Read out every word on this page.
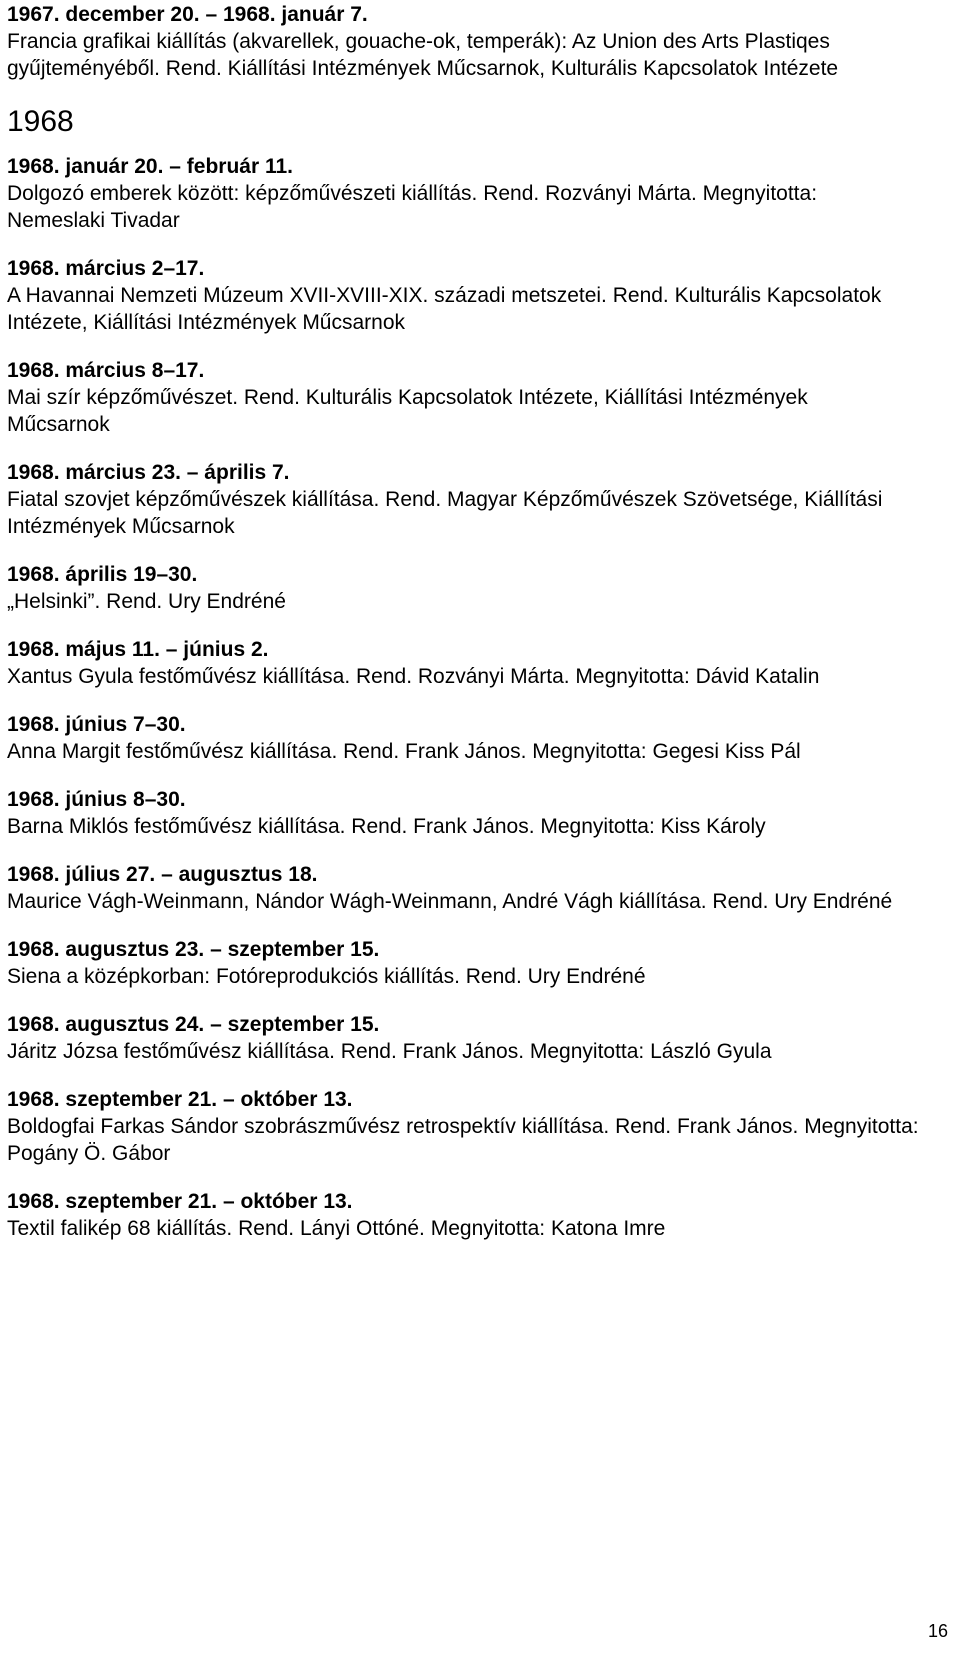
1967. december 20. – 1968. január 7.
Francia grafikai kiállítás (akvarellek, gouache-ok, temperák): Az Union des Arts Plastiqes gyűjteményéből. Rend. Kiállítási Intézmények Műcsarnok, Kulturális Kapcsolatok Intézete
1968
1968. január 20. – február 11.
Dolgozó emberek között: képzőművészeti kiállítás. Rend. Rozványi Márta. Megnyitotta: Nemeslaki Tivadar
1968. március 2–17.
A Havannai Nemzeti Múzeum XVII-XVIII-XIX. századi metszetei. Rend. Kulturális Kapcsolatok Intézete, Kiállítási Intézmények Műcsarnok
1968. március 8–17.
Mai szír képzőművészet. Rend. Kulturális Kapcsolatok Intézete, Kiállítási Intézmények Műcsarnok
1968. március 23. – április 7.
Fiatal szovjet képzőművészek kiállítása. Rend. Magyar Képzőművészek Szövetsége, Kiállítási Intézmények Műcsarnok
1968. április 19–30.
„Helsinki”. Rend. Ury Endréné
1968. május 11. – június 2.
Xantus Gyula festőművész kiállítása. Rend. Rozványi Márta. Megnyitotta: Dávid Katalin
1968. június 7–30.
Anna Margit festőművész kiállítása. Rend. Frank János. Megnyitotta: Gegesi Kiss Pál
1968. június 8–30.
Barna Miklós festőművész kiállítása. Rend. Frank János. Megnyitotta: Kiss Károly
1968. július 27. – augusztus 18.
Maurice Vágh-Weinmann, Nándor Wágh-Weinmann, André Vágh kiállítása. Rend. Ury Endréné
1968. augusztus 23. – szeptember 15.
Siena a középkorban: Fotóreprodukciós kiállítás. Rend. Ury Endréné
1968. augusztus 24. – szeptember 15.
Járitz Józsa festőművész kiállítása. Rend. Frank János. Megnyitotta: László Gyula
1968. szeptember 21. – október 13.
Boldogfai Farkas Sándor szobrászművész retrospektív kiállítása. Rend. Frank János. Megnyitotta: Pogány Ö. Gábor
1968. szeptember 21. – október 13.
Textil falikép 68 kiállítás. Rend. Lányi Ottóné. Megnyitotta: Katona Imre
16
